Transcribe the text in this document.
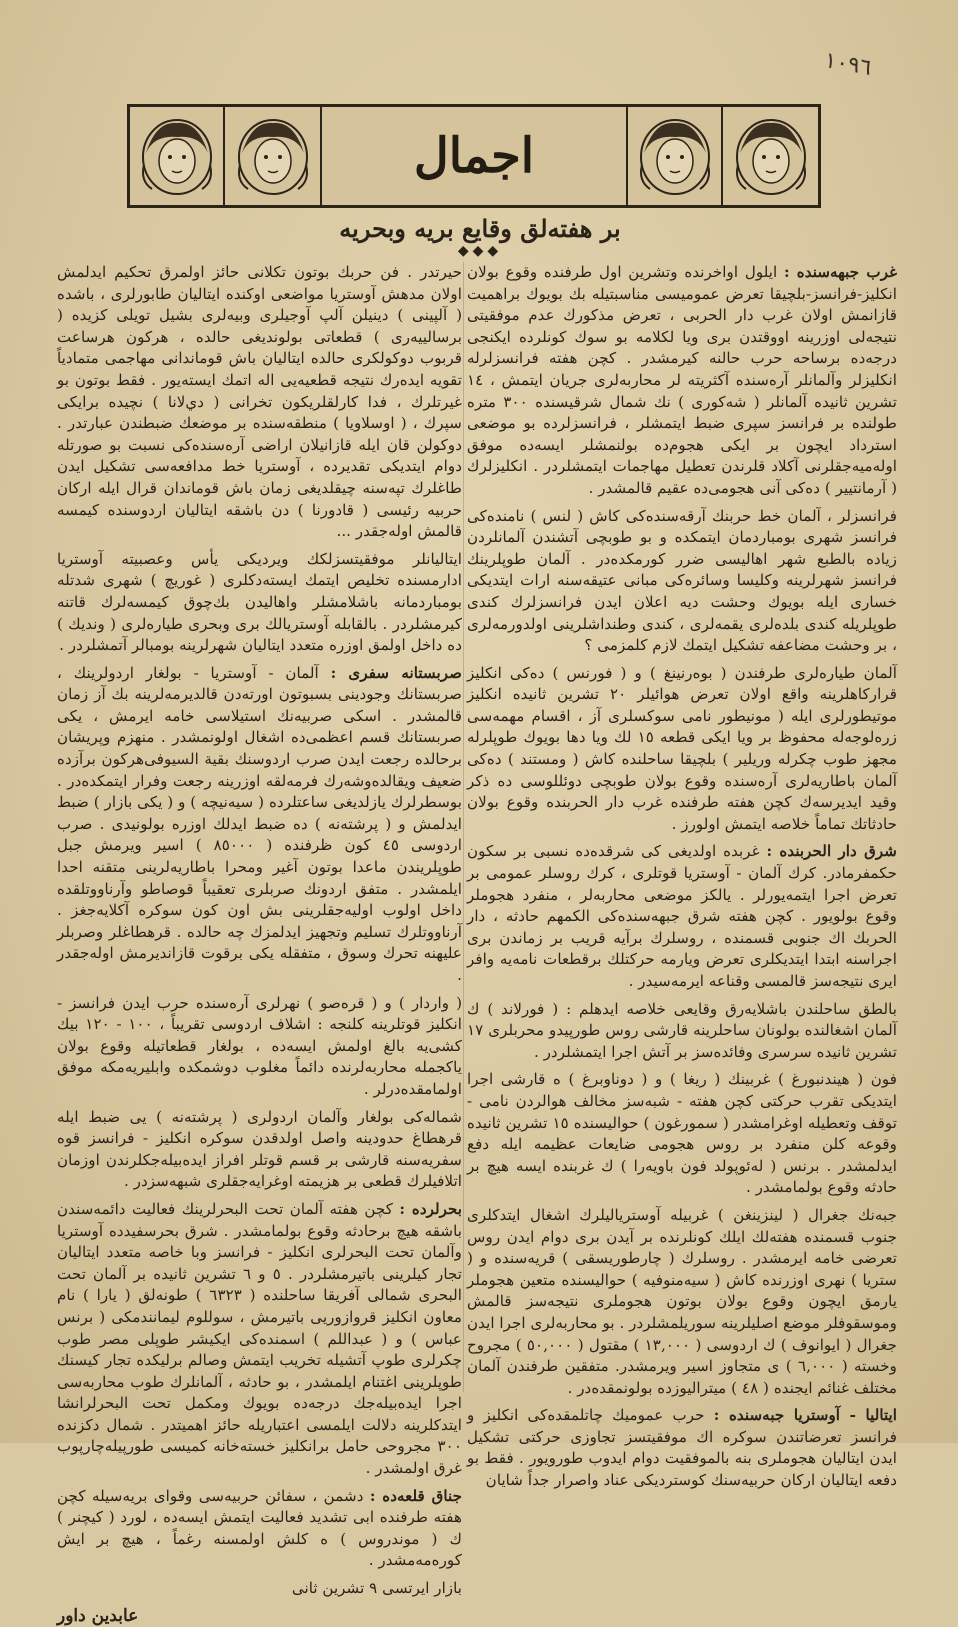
١٠٩٦
اجمال
بر هفته‌لق وقايع بريه وبحريه
◆◆◆

غرب جبهه‌سنده : ايلول اواخرنده وتشرين اول طرفنده وقوع بولان انكليز-فرانسز-بلچيقا تعرض عمومیسی مناسبتيله بك بويوك براهميت قازانمش اولان غرب دار الحربی ، تعرض مذكورك عدم موفقيتی نتيجه‌لی اوزرينه اووقتدن بری ويا لكلامه بو سوك كونلرده ايكنجی درجه‌ده برساحه حرب حالنه كيرمشدر . كچن هفته فرانسزلرله انكليزلر وآلمانلر آره‌سنده آكثريته لر محاربه‌لری جريان ايتمش ، ١٤ تشرين ثانيده آلمانلر ( شه‌كوری ) نك شمال شرقيسنده ٣٠٠ متره طولنده بر فرانسز سپری ضبط ايتمشلر ، فرانسزلرده بو موضعی استرداد ايچون بر ايكی هجوم‌ده بولنمشلر ايسه‌ده موفق اوله‌ميه‌جقلرنی آكلاد قلرندن تعطيل مهاجمات ايتمشلردر . انكليزلرك ( آرمانتيير ) ده‌كی آنی هجومی‌ده عقيم قالمشدر .

فرانسزلر ، آلمان خط حربنك آرقه‌سنده‌كی كاش ( لنس ) نامنده‌كی فرانسز شهری بومباردمان ايتمكده و بو طوبچی آتشندن آلمانلردن زياده بالطبع شهر اهاليسی ضرر كورمكده‌در . آلمان طوپلرينك فرانسز شهرلرينه وكليسا وسائره‌كی مبانی عتيقه‌سنه ارات ايتديكی خساری ايله بويوك وحشت ديه اعلان ايدن فرانسزلرك كندی طوپلريله كندی بلده‌لری يقمه‌لری ، كندی وطنداشلرينی اولدورمه‌لری ، بر وحشت مضاعفه تشكيل ايتمك لازم كلمزمی ؟

آلمان طياره‌لری طرفندن ( بوه‌رنينغ ) و ( فورنس ) ده‌كی انكليز قراركاهلرينه واقع اولان تعرض هوائيلر ٢٠ تشرين ثانيده انكليز موتيطورلری ايله ( مونيطور نامی سوكسلری آز ، اقسام مهمه‌سی زره‌لوجه‌له محفوظ بر ويا ايكی قطعه ١٥ لك ويا دها بويوك طوپلرله مجهز طوب چكرله وريلير ) بلچيقا ساحلنده كاش ( ومستند ) ده‌كی آلمان باطاريه‌لری آره‌سنده وقوع بولان طوبچی دوئللوسی ده ذكر وقيد ايديرسه‌ك كچن هفته طرفنده غرب دار الحربنده وقوع بولان حادثاتك تماماً خلاصه ايتمش اولورز .

شرق دار الحربنده : غربده اولديغی كی شرقده‌ده نسبی بر سكون حكمفرمادر. كرك آلمان - آوستريا قوتلری ، كرك روسلر عمومی بر تعرض اجرا ايتمه‌يورلر . يالكز موضعی محاربه‌لر ، منفرد هجوملر وقوع بولويور . كچن هفته شرق جبهه‌سنده‌كی الكمهم حادثه ، دار الحربك اك جنوبی قسمنده ، روسلرك برآيه قريب بر زماندن بری اجراسنه ابتدا ايتديكلری تعرض ويارمه حركتلك برقطعات نامه‌يه وافر ايری نتيجه‌سز قالمسی وقناعه ايرمه‌سيدر .

بالطق ساحلندن باشلايه‌رق وقايعی خلاصه ايدهلم : ( فورلاند ) ك آلمان اشغالنده بولونان ساحلرينه قارشی روس طورپيدو محربلری ١٧ تشرين ثانيده سرسری وفائده‌سز بر آتش اجرا ايتمشلردر .

فون ( هيندنبورغ ) غربينك ( ريغا ) و ( دوناوبرغ ) ه قارشی اجرا ايتديكی تقرب حركتی كچن هفته - شبه‌سز مخالف هوالردن نامی - توقف وتعطيله اوغرامشدر ( سمورغون ) حواليسنده ١٥ تشرين ثانيده وقوعه كلن منفرد بر روس هجومی ضايعات عظيمه ايله دفع ايدلمشدر . برنس ( له‌ئوپولد فون باويه‌را ) ك غربنده ايسه هيچ بر حادثه وقوع بولمامشدر .

جبه‌نك جغرال ( لينزينغن ) غربيله آوستريالیلرك اشغال ايتدكلری جنوب قسمنده هفته‌لك ايلك كونلرنده بر آيدن بری دوام ايدن روس تعرضی خامه ايرمشدر . روسلرك ( چارطوريسقی ) قريه‌سنده و ( ستريا ) نهری اوزرنده كاش ( سيه‌منوفيه ) حواليسنده متعين هجوملر يارمق ايچون وقوع بولان بوتون هجوملری نتيجه‌سز قالمش وموسقوفلر موضع اصليلرينه سوريلمشلردر . بو محاربه‌لری اجرا ايدن جغرال ( ايوانوف ) ك اردوسی ( ١٣,٠٠٠ ) مقتول ( ٥٠,٠٠٠ ) مجروح وخسته ( ٦,٠٠٠ ) ى متجاوز اسير ويرمشدر. متفقين طرفندن آلمان مختلف غنائم ايجنده ( ٤٨ ) ميتراليوزده بولونمقده‌در .

ايتاليا - آوستريا جبه‌سنده : حرب عموميك چاتلمقده‌كی انكليز و فرانسز تعرضاتندن سوكره اك موفقيتسز تجاوزی حركتی تشكيل ايدن ايتاليان هجوملری بنه بالموفقيت دوام ايدوب طورويور . فقط بو دفعه ايتاليان اركان حربيه‌سنك كوسترديكی عناد واصرار جداً شايان

حيرتدر . فن حربك بوتون تكلانی حائز اولمرق تحكيم ايدلمش اولان مدهش آوستريا مواضعی اوكنده ايتاليان طابورلری ، باشده ( آلپينی ) دينيلن آلپ آوجيلری وبيه‌لری بشيل تويلی كزيده ( برسالييه‌ری ) قطعاتی بولونديغی حالده ، هركون هرساعت قربوب دوكولكری حالده ايتاليان باش قوماندانی مهاجمی متمادياً تقويه ايده‌رك نتيجه قطعيه‌يی اله اتمك ايسته‌يور . فقط بوتون بو غيرتلرك ، فدا كارلقلريكون تخرانی ( دي‌لانا ) نچيده برايكی سپرك ، ( اوسلاويا ) منطقه‌سنده بر موضعك ضبطندن عبارتدر . دوكولن قان ايله قازانيلان اراضی آره‌سنده‌كی نسبت بو صورتله دوام ايتديكی تقديرده ، آوستريا خط مدافعه‌سی تشكيل ايدن طاغلرك تپه‌سنه چيقلديغی زمان باش قوماندان قرال ايله اركان حربيه رئيسی ( قادورنا ) دن باشقه ايتاليان اردوسنده كيمسه قالمش اوله‌جقدر ...

ايتاليانلر موفقيتسزلكك ويرديكی يأس وعصبيته آوستريا ادارمسنده تخليص ايتمك ايسته‌دكلری ( غوريچ ) شهری شدتله بومباردمانه باشلامشلر واهاليدن بك‌چوق كيمسه‌لرك قاتنه كيرمشلردر . بالقابله آوستريالك بری وبحری طياره‌لری ( ونديك ) ده داخل اولمق اوزره متعدد ايتاليان شهرلرينه بومبالر آتمشلردر .

صربستانه سفری : آلمان - آوستريا - بولغار اردولرينك ، صربستانك وجودينی بسبوتون اورته‌دن قالديرمه‌لرينه بك آز زمان قالمشدر . اسكی صربيه‌نك استيلاسی خامه ايرمش ، يكی صربستانك قسم اعظمی‌ده اشغال اولونمشدر . منهزم وپريشان برحالده رجعت ايدن صرب اردوسنك بقية السيوفی‌هركون برآزده ضعيف ويقالده‌وشه‌رك فرمه‌لقه اوزرينه رجعت وفرار ايتمكده‌در . بوسطرلرك يازلديغی ساعتلرده ( سيه‌نيچه ) و ( يكی بازار ) ضبط ايدلمش و ( پرشته‌نه ) ده ضبط ايدلك اوزره بولونيدی . صرب اردوسی ٤٥ كون ظرفنده ( ٨٥٠٠٠ ) اسير ويرمش جبل طوپلريندن ماعدا بوتون آغير ومحرا باطاريه‌لرينی متقنه احدا ايلمشدر . متفق اردونك صربلری تعقيباً قوصاطو وآرناووتلقده داخل اولوب اوليه‌جقلرينی بش اون كون سوكره آكلايه‌جغز . آرناووتلرك تسليم وتجهيز ايدلمزك چه حالده . قرهطاغلر وصربلر عليهنه تحرك وسوق ، متفقله يكی برقوت قازانديرمش اوله‌جقدر .

( واردار ) و ( قره‌صو ) نهرلری آره‌سنده حرب ايدن فرانسز - انكليز قوتلرينه كلنجه : اشلاف اردوسی تقريباً ، ١٠٠ - ١٢٠ بيك كشی‌يه بالغ اولمش ايسه‌ده ، بولغار قطعاتيله وقوع بولان ياكجمله محاربه‌لرنده دائماً مغلوب دوشمكده وابليريه‌مكه موفق اولمامقده‌درلر .

شماله‌كی بولغار وآلمان اردولری ( پرشته‌نه ) يی ضبط ايله قرهطاغ حدودينه واصل اولدقدن سوكره انكليز - فرانسز قوه سفريه‌سنه قارشی بر قسم قوتلر افراز ايده‌بيله‌جكلرندن اوزمان اتلافيلرك قطعی بر هزيمته اوغرايه‌جقلری شبهه‌سزدر .

بحرلرده : كچن هفته آلمان تحت البحرلرينك فعاليت دائمه‌سندن باشقه هيچ برحادثه وقوع بولمامشدر . شرق بحرسفيدده آوستريا وآلمان تحت البحرلری انكليز - فرانسز وبا خاصه متعدد ايتاليان تجار كيلرينی باتيرمشلردر . ٥ و ٦ تشرين ثانيده بر آلمان تحت البحری شمالی آفريقا ساحلنده ( ٦٣٢٣ ) طونه‌لق ( يارا ) نام معاون انكليز قروازوريی باتيرمش ، سوللوم ليمانندمكی ( برنس عباس ) و ( عبداللم ) اسمنده‌كی ايكيشر طوپلی مصر طوب چكرلری طوپ آتشيله تخريب ايتمش وصالم برليكده تجار كيسنك طوپلرينی اغتنام ايلمشدر ، بو حادثه ، آلمانلرك طوب محاربه‌سی اجرا ايده‌بيله‌جك درجه‌ده بويوك ومكمل تحت البحرلرانشا ايتدكلرينه دلالت ايلمسی اعتباريله حائز اهميتدر . شمال دكزنده ٣٠٠ مجروحی حامل برانكليز خسته‌خانه كميسی طورپيله‌چارپوب غرق اولمشدر .

جناق قلعه‌ده : دشمن ، سفائن حربيه‌سی وقوای بريه‌سيله كچن هفته طرفنده ابی تشديد فعاليت ايتمش ايسه‌ده ، لورد ( كيچنر ) ك ( موندروس ) ه كلش اولمسنه رغماً ، هيچ بر ايش كوره‌مه‌مشدر .

بازار ايرتسی ٩ تشرين ثانی

عابدين داور
